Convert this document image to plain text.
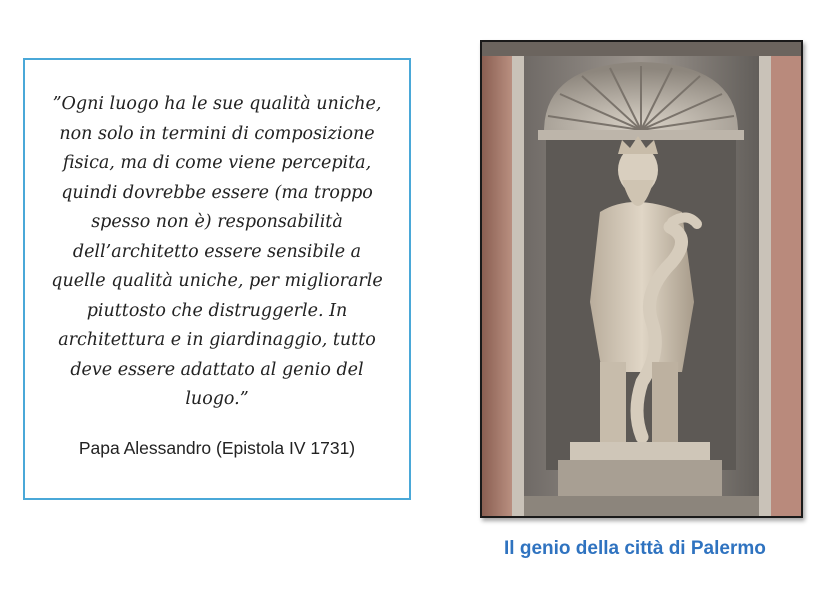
”Ogni luogo ha le sue qualità uniche,
non solo in termini di composizione
fisica, ma di come viene percepita,
quindi dovrebbe essere (ma troppo
spesso non è) responsabilità
dell’architetto essere sensibile a
quelle qualità uniche, per migliorarle
piuttosto che distruggerle. In
architettura e in giardinaggio, tutto
deve essere adattato al genio del
luogo.”
Papa Alessandro (Epistola IV 1731)
Il genio della città di Palermo
